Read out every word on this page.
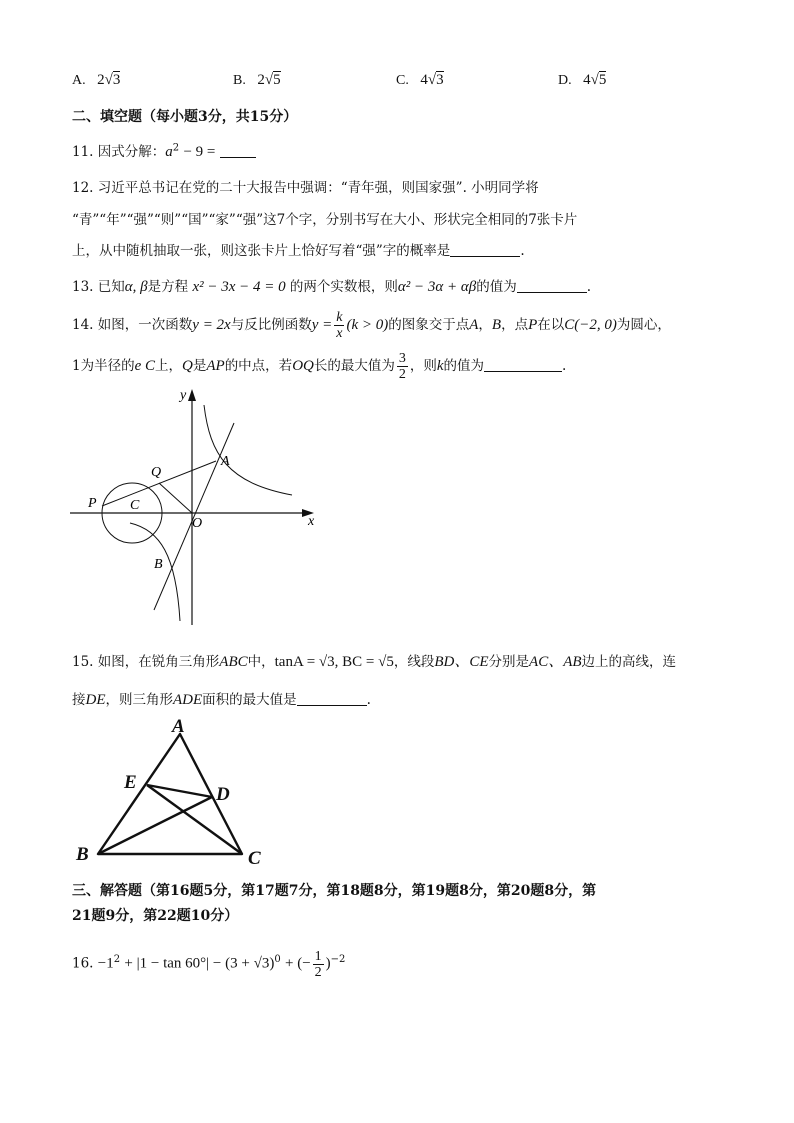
A. 2√3	B. 2√5	C. 4√3	D. 4√5
二、填空题（每小题3分，共15分）
11. 因式分解：$a^2 - 9$ =
12. 习近平总书记在党的二十大报告中强调：“青年强，则国家强”. 小明同学将
“青”“年”“强”“则”“国”“家”“强”这7个字，分别书写在大小、形状完全相同的7张卡片
上，从中随机抽取一张，则这张卡片上恰好写着“强”字的概率是	.
13. 已知α, β是方程 x² − 3x − 4 = 0 的两个实数根，则α² − 3α + αβ的值为	.
14. 如图，一次函数y = 2x与反比例函数$y = \frac{k}{x} (k > 0)$的图象交于点A，B，点P在以C(−2, 0)为圆心，
1为半径的e C上，Q是AP的中点，若OQ长的最大值为 $\frac{3}{2}$ ，则k的值为	.
y
x
O
A
B
C
P
Q
15. 如图，在锐角三角形ABC中，tanA = √3, BC = √5，线段BD、CE分别是AC、AB边上的高线，连
接DE，则三角形ADE面积的最大值是	.
A
B	C
D
E
三、解答题（第16题5分，第17题7分，第18题8分，第19题8分，第20题8分，第
21题9分，第22题10分）
16. $-1^2 + |1 - \tan 60^\circ| - (3 + √3)^0$ + (− $\frac{1}{2} )^{-2}$
